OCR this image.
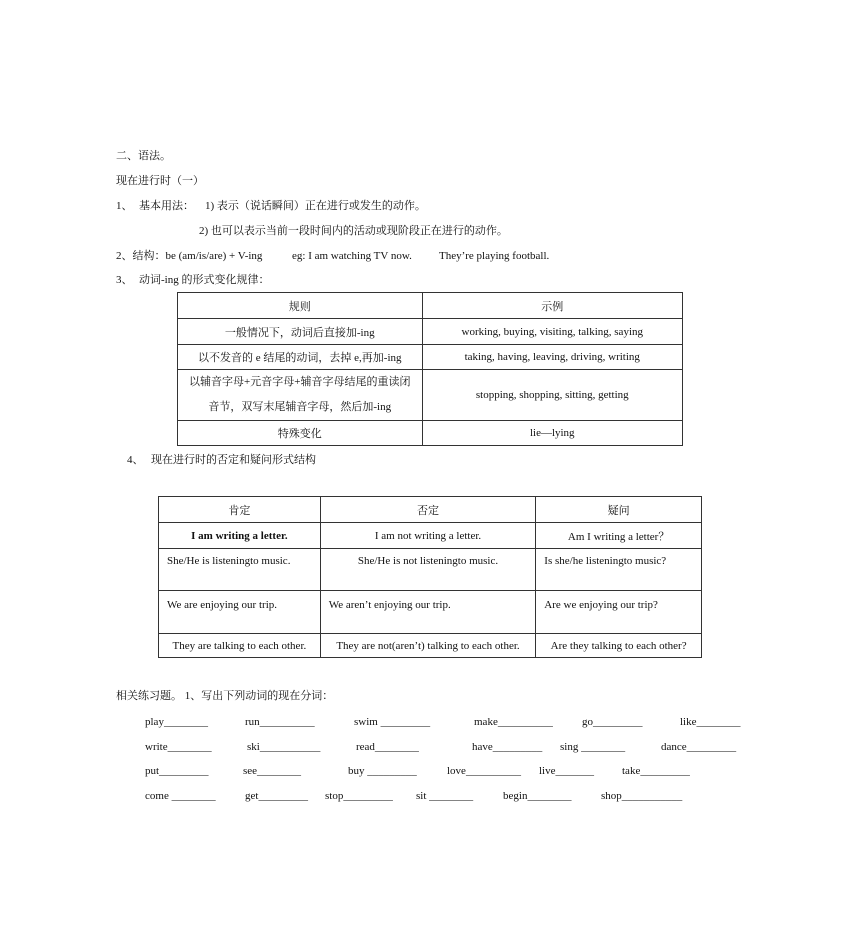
二、语法。
现在进行时（一）
1、 基本用法： 1) 表示（说话瞬间）正在进行或发生的动作。
2) 也可以表示当前一段时间内的活动或现阶段正在进行的动作。
2、结构：be (am/is/are) + V-ing	eg: I am watching TV now. They’re playing football.
3、 动词-ing 的形式变化规律：
规则	示例
一般情况下，动词后直接加-ing	working, buying, visiting, talking, saying
以不发音的 e 结尾的动词，去掉 e,再加-ing	taking, having, leaving, driving, writing
以辅音字母+元音字母+辅音字母结尾的重读闭音节，双写末尾辅音字母，然后加-ing	stopping, shopping, sitting, getting
特殊变化	lie—lying
4、 现在进行时的否定和疑问形式结构
肯定	否定	疑问
I am writing a letter.	I am not writing a letter.	Am I writing a letter？
She/He is listeningto music.	She/He is not listeningto music.	Is she/he listeningto music?
We are enjoying our trip.	We aren’t enjoying our trip.	Are we enjoying our trip?
They are talking to each other.	They are not(aren’t) talking to each other.	Are they talking to each other?
相关练习题。 1、写出下列动词的现在分词：
play________	run__________	swim _________	make__________	go_________	like________
write________	ski___________	read________	have_________ sing ________	dance_________
put_________	see________	buy _________	love__________ live_______	take_________
come ________	get_________ stop_________ sit ________	begin________	shop___________
